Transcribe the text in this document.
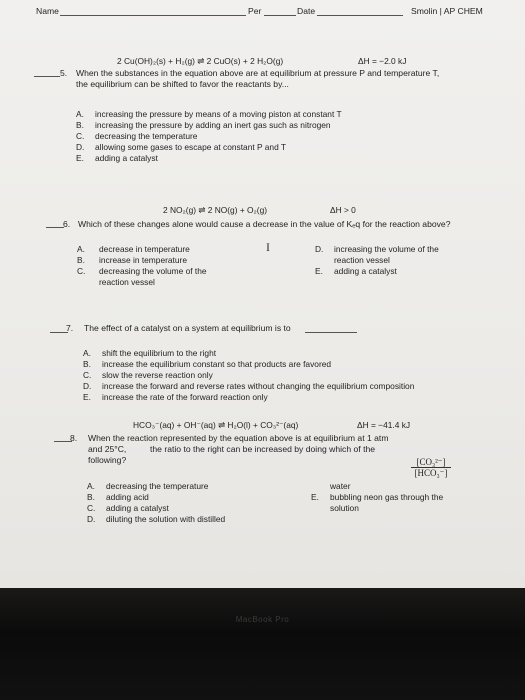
Name	Per	Date	Smolin | AP CHEM
2 Cu(OH)₂(s) + H₂(g) ⇌ 2 CuO(s) + 2 H₂O(g)	ΔH = −2.0 kJ
5. When the substances in the equation above are at equilibrium at pressure P and temperature T,
the equilibrium can be shifted to favor the reactants by...
A. increasing the pressure by means of a moving piston at constant T
B. increasing the pressure by adding an inert gas such as nitrogen
C. decreasing the temperature
D. allowing some gases to escape at constant P and T
E. adding a catalyst
2 NO₂(g) ⇌ 2 NO(g) + O₂(g)	ΔH > 0
6. Which of these changes alone would cause a decrease in the value of Kₑq for the reaction above?
A. decrease in temperature
B. increase in temperature
C. decreasing the volume of the
reaction vessel
D. increasing the volume of the
reaction vessel
E. adding a catalyst
I
7. The effect of a catalyst on a system at equilibrium is to
A. shift the equilibrium to the right
B. increase the equilibrium constant so that products are favored
C. slow the reverse reaction only
D. increase the forward and reverse rates without changing the equilibrium composition
E. increase the rate of the forward reaction only
HCO₃⁻(aq) + OH⁻(aq) ⇌ H₂O(l) + CO₃²⁻(aq)	ΔH = −41.4 kJ
8. When the reaction represented by the equation above is at equilibrium at 1 atm
and 25°C,	the ratio to the right can be increased by doing which of the
following?	[CO₃²⁻]
[HCO₃⁻]
A. decreasing the temperature
B. adding acid
C. adding a catalyst
D. diluting the solution with distilled
water
E. bubbling neon gas through the
solution
MacBook Pro
